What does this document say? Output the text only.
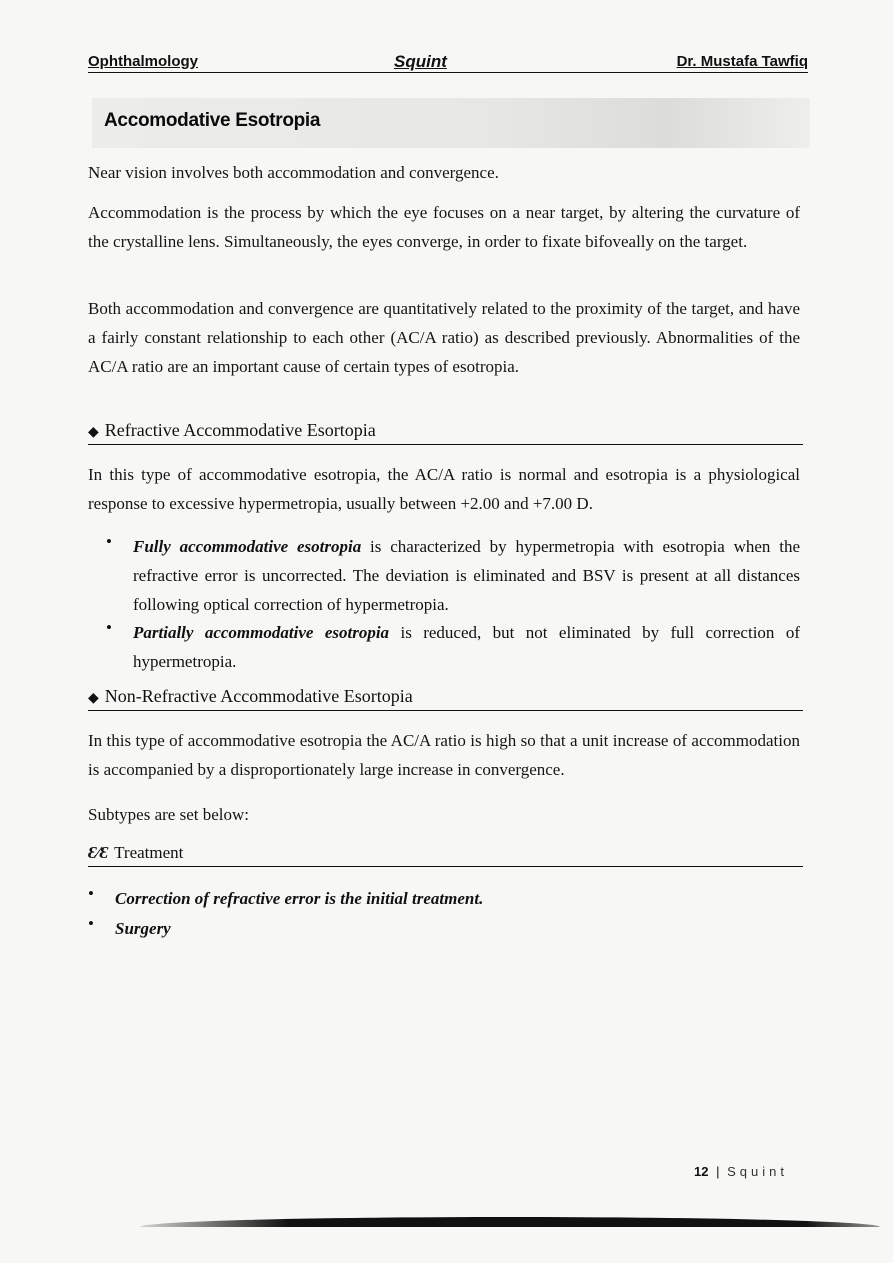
Ophthalmology	Squint	Dr. Mustafa Tawfiq
Accomodative Esotropia
Near vision involves both accommodation and convergence.
Accommodation is the process by which the eye focuses on a near target, by altering the curvature of the crystalline lens. Simultaneously, the eyes converge, in order to fixate bifoveally on the target.
Both accommodation and convergence are quantitatively related to the proximity of the target, and have a fairly constant relationship to each other (AC/A ratio) as described previously. Abnormalities of the AC/A ratio are an important cause of certain types of esotropia.
◆ Refractive Accommodative Esortopia
In this type of accommodative esotropia, the AC/A ratio is normal and esotropia is a physiological response to excessive hypermetropia, usually between +2.00 and +7.00 D.
• Fully accommodative esotropia is characterized by hypermetropia with esotropia when the refractive error is uncorrected. The deviation is eliminated and BSV is present at all distances following optical correction of hypermetropia.
• Partially accommodative esotropia is reduced, but not eliminated by full correction of hypermetropia.
◆ Non-Refractive Accommodative Esortopia
In this type of accommodative esotropia the AC/A ratio is high so that a unit increase of accommodation is accompanied by a disproportionately large increase in convergence.
Subtypes are set below:
Ɛ∕Ɛ Treatment
• Correction of refractive error is the initial treatment.
• Surgery
12 | Squint
